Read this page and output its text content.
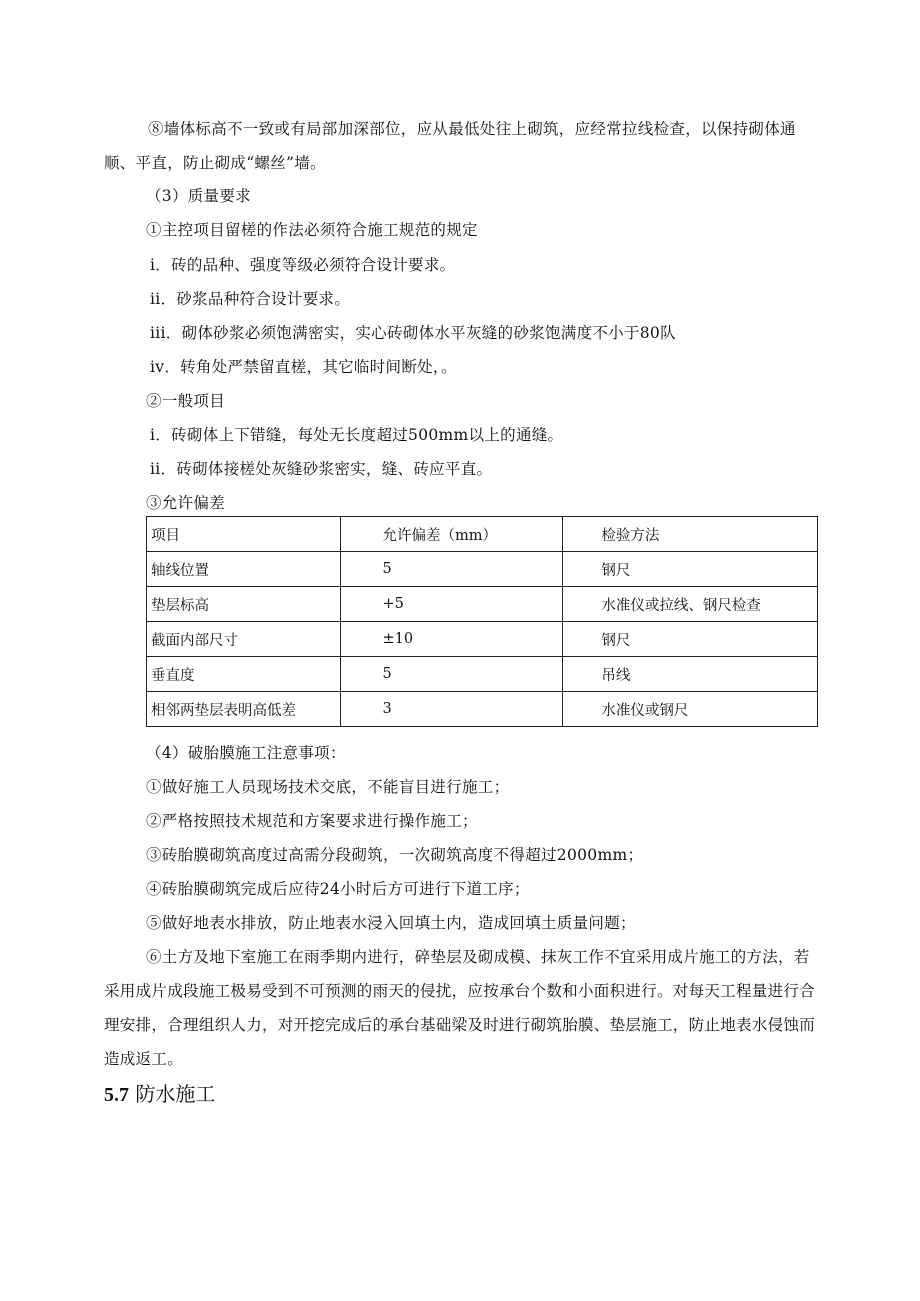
⑧墙体标高不一致或有局部加深部位，应从最低处往上砌筑，应经常拉线检查，以保持砌体通顺、平直，防止砌成“螺丝”墙。
（3）质量要求
①主控项目留槎的作法必须符合施工规范的规定
i．砖的品种、强度等级必须符合设计要求。
ii．砂浆品种符合设计要求。
iii．砌体砂浆必须饱满密实，实心砖砌体水平灰缝的砂浆饱满度不小于80队
iv．转角处严禁留直槎，其它临时间断处，。
②一般项目
i．砖砌体上下错缝，每处无长度超过500mm以上的通缝。
ii．砖砌体接槎处灰缝砂浆密实，缝、砖应平直。
③允许偏差
项目	允许偏差（mm）	检验方法
轴线位置	5	钢尺
垫层标高	+5	水准仪或拉线、钢尺检查
截面内部尺寸	±10	钢尺
垂直度	5	吊线
相邻两垫层表明高低差	3	水准仪或钢尺
（4）破胎膜施工注意事项：
①做好施工人员现场技术交底，不能盲目进行施工；
②严格按照技术规范和方案要求进行操作施工；
③砖胎膜砌筑高度过高需分段砌筑，一次砌筑高度不得超过2000mm；
④砖胎膜砌筑完成后应待24小时后方可进行下道工序；
⑤做好地表水排放，防止地表水浸入回填土内，造成回填土质量问题；
⑥土方及地下室施工在雨季期内进行，碎垫层及砌成模、抹灰工作不宜采用成片施工的方法，若采用成片成段施工极易受到不可预测的雨天的侵扰，应按承台个数和小面积进行。对每天工程量进行合理安排，合理组织人力，对开挖完成后的承台基础梁及时进行砌筑胎膜、垫层施工，防止地表水侵蚀而造成返工。
5.7 防水施工
